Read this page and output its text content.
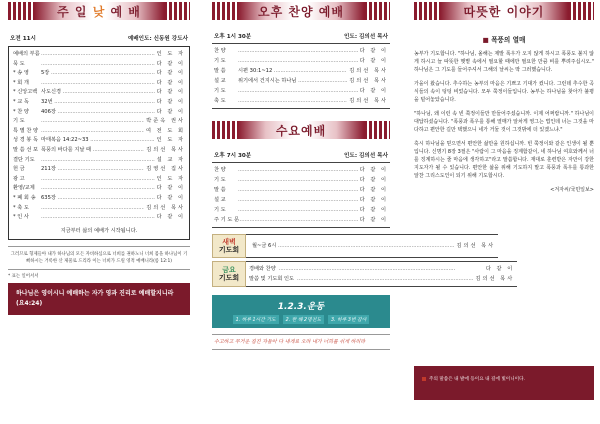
주 일 낮 예 배
오전 11시	예배인도: 신동원 강도사
예배의 부름 .....	인 도 자
묵 도 .....	다 같 이
* 송 영	5장 .....	다 같 이
* 회 개 .....	다 같 이
* 신앙고백 사도신경 .....	다 같 이
* 교 독	32번 .....	다 같 이
* 찬 양	406장 .....	다 같 이
기 도 .....	박준옥 권사
특 별 찬 양 .....	여 전 도 회
성 경 봉 독 마태복음 14:22~33 .....	인 도 자
말 씀 선 포 폭풍의 바다를 지날 때 .....	김의선 목사
결단 기도 .....	설 교 자
헌 금	211장 .....	김영선 집사
광 고 .....	인 도 자
환영/교제 .....	다 같 이
* 폐 회 송	635장 .....	다 같 이
* 축 도 .....	김의선 목사
* 인 사 .....	다 같 이
지금부터 삶의 예배가 시작됩니다.
그러므로 형제들아 내가 하나님의 모든 자비하심으로 너희를 권하노니 너희 몸을 하나님이 기뻐하시는 거룩한 산 제물로 드리라 이는 너희가 드릴 영적 예배니라(롬 12:1)
* 표는 일어서서
하나님은 영이시니 예배하는 자가 영과 진리로 예배할지니라 (요4:24)
오후 찬양 예배
오후 1시 30분	인도: 김의선 목사
찬 양 .....	다 같 이
기 도 .....	다 같 이
말 씀	시편 30:1~12 .....	김의선 목사
설 교	위기에서 건지시는 하나님 .....	김의선 목사
기 도 .....	다 같 이
축 도 .....	김의선 목사
수요예배
오후 7시 30분	인도: 김의선 목사
찬 양 .....	다 같 이
기 도 .....	다 같 이
말 씀 .....	다 같 이
설 교 .....	다 같 이
기 도 .....	다 같 이
주 기 도 문 .....	다 같 이
새벽
기도회 월~금 6시 .....	김의선 목사
금요
기도회
경배와 찬양 .....	다 같 이
말씀 및 기도회 인도 .....	김의선 목사
1.2.3.운동
1. 하루 1시간 기도	2. 한 해 2명전도	3. 하루 3번 감사
수고하고 무거운 짐진 자들아 다 내게로 오라 내가 너희를 쉬게 하리라
따뜻한 이야기
■ 폭풍의 열매

농부가 기도합니다. "하나님, 올해는 제발 폭우가 오지 않게 하시고 폭풍도 불지 않게 하시고 늘 따뜻한 햇볕 속에서 필요할 때에만 필요한 만큼 비를 뿌려주십시오." 하나님은 그 기도를 들어주셔서 그해의 날씨는 딱 그러했습니다.

가을이 왔습니다. 추수하는 농부의 마음은 기쁘고 기대가 컸니다. 그런데 추수한 곡식들의 속이 텅텅 비었습니다. 모두 쭉정이들입니다. 농부는 하나님을 찾아가 불평을 털어놓았습니다.

"하나님, 왜 이런 속 빈 쭉정이들만 만들어주셨습니까. 이제 어쩌랍니까." 하나님이 대답하셨습니다. "폭풍과 폭우를 통해 열매가 알차게 영그는 법인데 너는 그것을 마다하고 편안한 길만 택했으니 네가 거둘 것이 그것밖에 더 있겠느냐."

혹시 하나님을 믿으면서 편안한 삶만을 원하십니까. 빈 쭉정이와 같은 인생이 될 뿐입니다. 신명기 8장 3절은 "사람이 그 마음을 징계함같이, 네 하나님 여호와께서 너를 징계하시는 줄 마음에 생각하고"라고 말씀합니다. 재대로 훈련받은 자만이 강한 지도자가 될 수 있습니다. 편안한 삶을 위해 기도하지 말고 폭풍과 폭우를 통과한 알찬 그리스도인이 되기 위해 기도합시다.

<겨자씨/국민일보>
주의 말씀은 내 발에 등이요 내 길에 빛이니이다.
